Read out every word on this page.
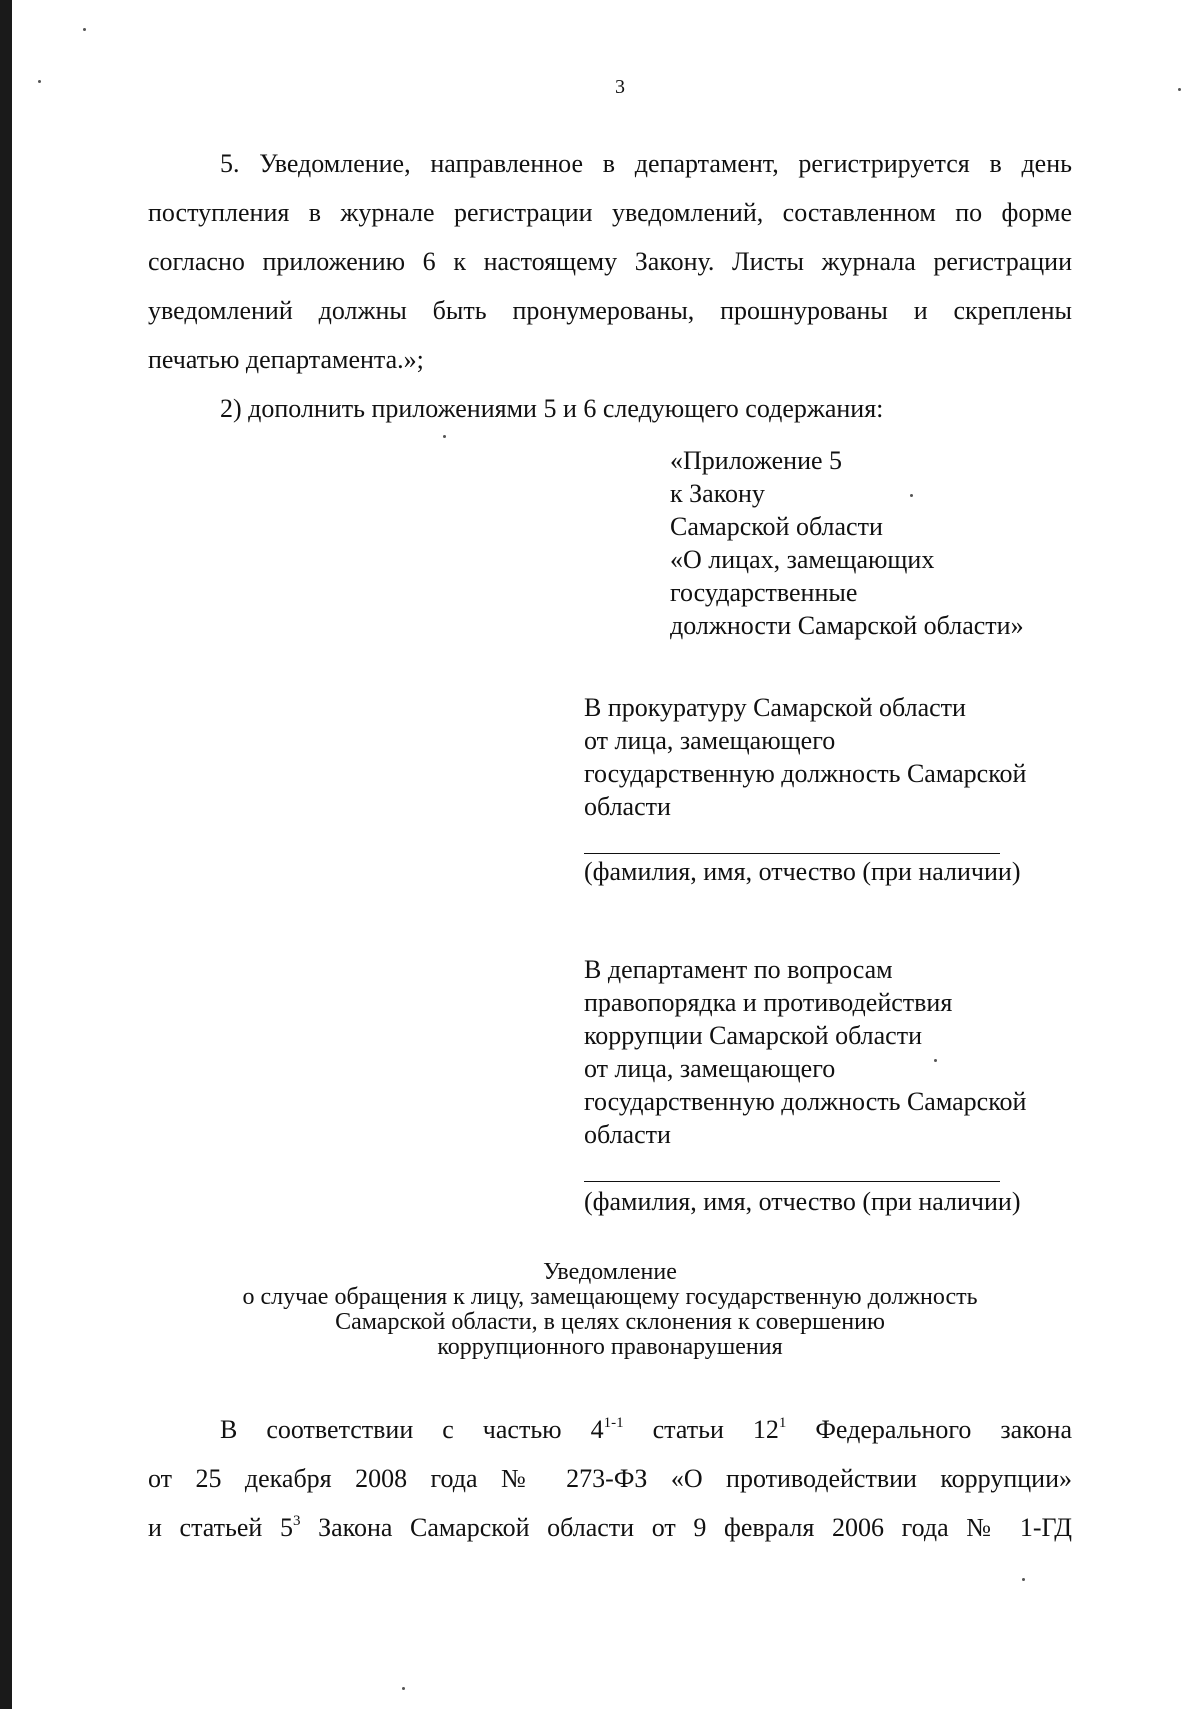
3
5. Уведомление, направленное в департамент, регистрируется в день
поступления в журнале регистрации уведомлений, составленном по форме
согласно приложению 6 к настоящему Закону. Листы журнала регистрации
уведомлений должны быть пронумерованы, прошнурованы и скреплены
печатью департамента.»;
2) дополнить приложениями 5 и 6 следующего содержания:
«Приложение 5
к Закону
Самарской области
«О лицах, замещающих
государственные
должности Самарской области»
В прокуратуру Самарской области
от лица, замещающего
государственную должность Самарской
области
(фамилия, имя, отчество (при наличии)
В департамент по вопросам
правопорядка и противодействия
коррупции Самарской области
от лица, замещающего
государственную должность Самарской
области
(фамилия, имя, отчество (при наличии)
Уведомление
о случае обращения к лицу, замещающему государственную должность
Самарской области, в целях склонения к совершению
коррупционного правонарушения
В соответствии с частью 4$^{1-1}$ статьи $12^1$ Федерального закона
от 25 декабря 2008 года № 273-ФЗ «О противодействии коррупции»
и статьей $5^3$ Закона Самарской области от 9 февраля 2006 года № 1-ГД
